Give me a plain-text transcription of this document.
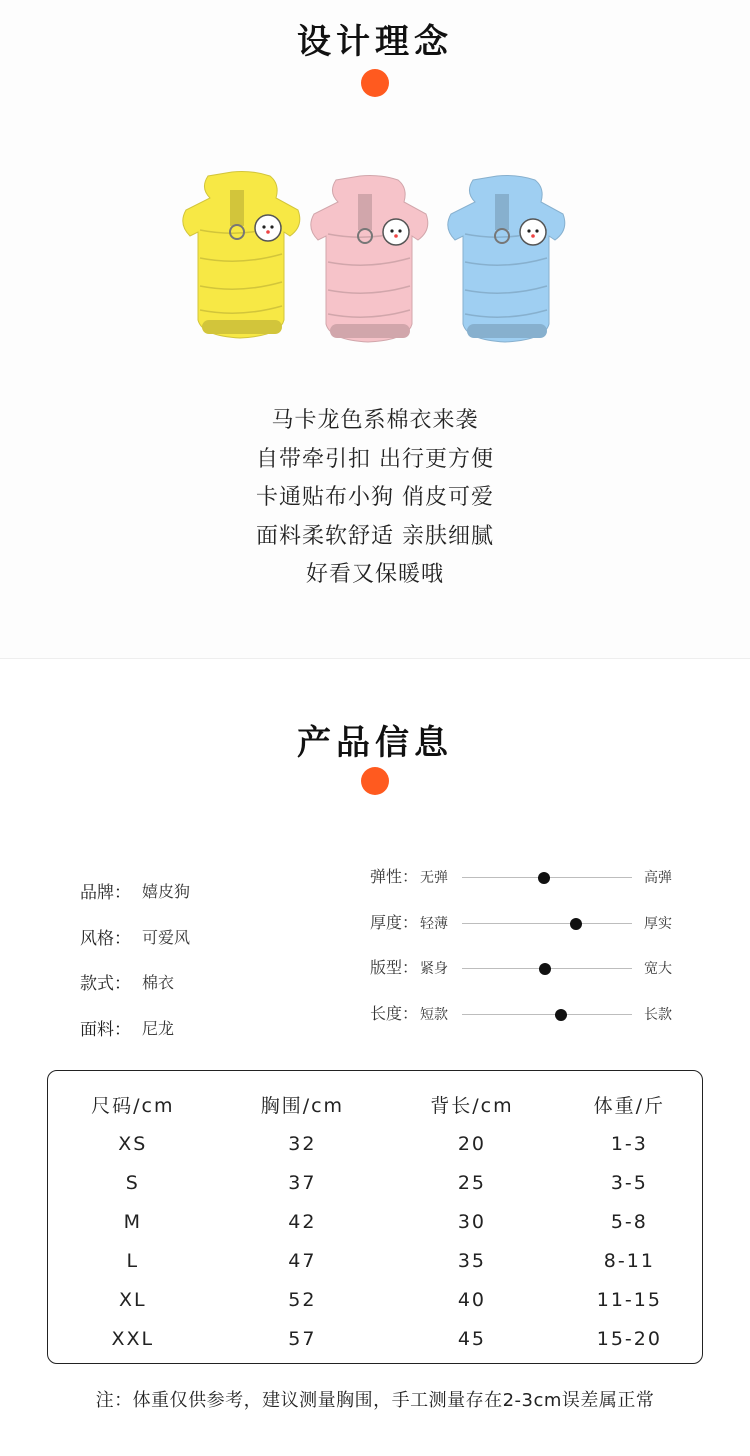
设计理念
马卡龙色系棉衣来袭
自带牵引扣 出行更方便
卡通贴布小狗 俏皮可爱
面料柔软舒适 亲肤细腻
好看又保暖哦
产品信息
品牌： 嬉皮狗
风格： 可爱风
款式： 棉衣
面料： 尼龙
弹性： 无弹	高弹
厚度： 轻薄	厚实
版型： 紧身	宽大
长度： 短款	长款
尺码/cm	胸围/cm	背长/cm	体重/斤
XS	32	20	1-3
S	37	25	3-5
M	42	30	5-8
L	47	35	8-11
XL	52	40	11-15
XXL	57	45	15-20
注：体重仅供参考，建议测量胸围，手工测量存在2-3cm误差属正常
